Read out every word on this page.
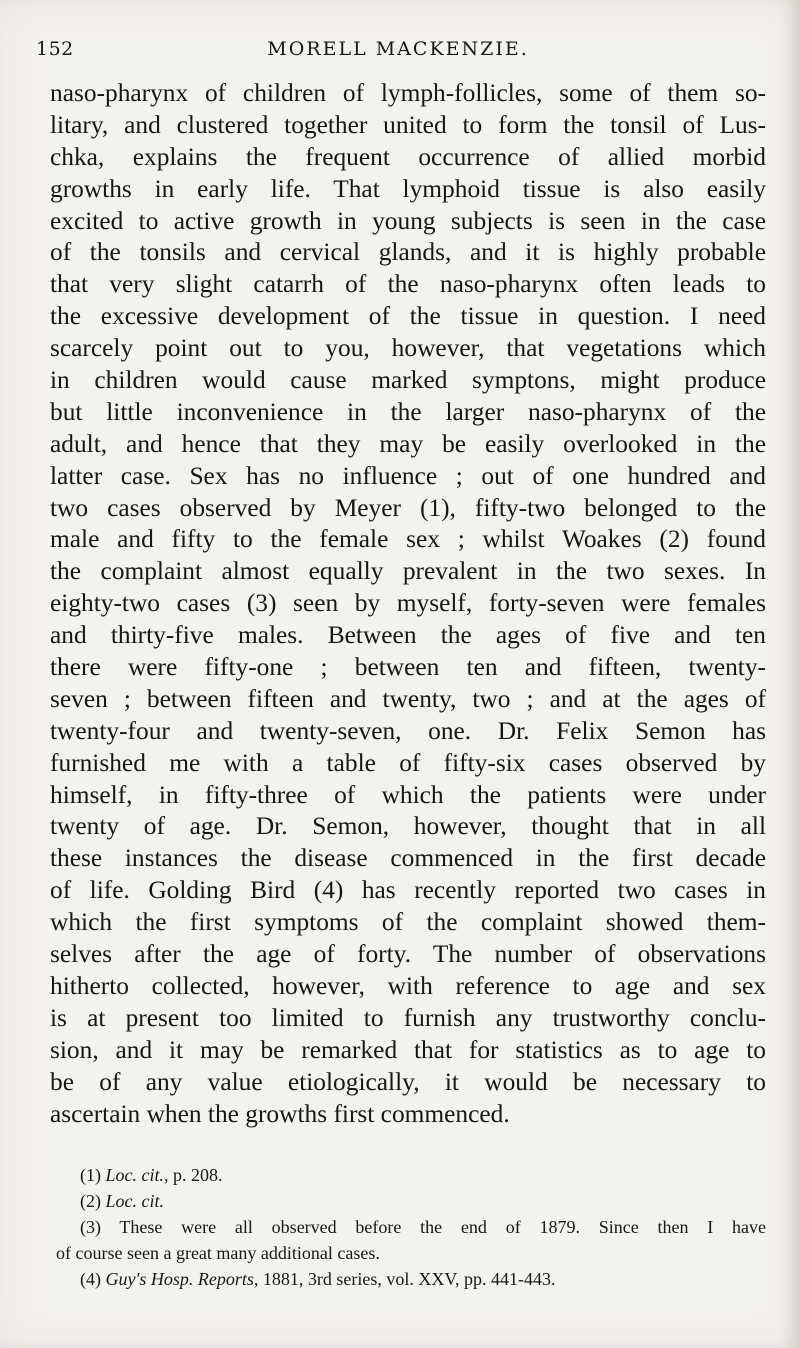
152	MORELL MACKENZIE.
naso-pharynx of children of lymph-follicles, some of them so-
litary, and clustered together united to form the tonsil of Lus-
chka, explains the frequent occurrence of allied morbid
growths in early life. That lymphoid tissue is also easily
excited to active growth in young subjects is seen in the case
of the tonsils and cervical glands, and it is highly probable
that very slight catarrh of the naso-pharynx often leads to
the excessive development of the tissue in question. I need
scarcely point out to you, however, that vegetations which
in children would cause marked symptons, might produce
but little inconvenience in the larger naso-pharynx of the
adult, and hence that they may be easily overlooked in the
latter case. Sex has no influence ; out of one hundred and
two cases observed by Meyer (1), fifty-two belonged to the
male and fifty to the female sex ; whilst Woakes (2) found
the complaint almost equally prevalent in the two sexes. In
eighty-two cases (3) seen by myself, forty-seven were females
and thirty-five males. Between the ages of five and ten
there were fifty-one ; between ten and fifteen, twenty-
seven ; between fifteen and twenty, two ; and at the ages of
twenty-four and twenty-seven, one. Dr. Felix Semon has
furnished me with a table of fifty-six cases observed by
himself, in fifty-three of which the patients were under
twenty of age. Dr. Semon, however, thought that in all
these instances the disease commenced in the first decade
of life. Golding Bird (4) has recently reported two cases in
which the first symptoms of the complaint showed them-
selves after the age of forty. The number of observations
hitherto collected, however, with reference to age and sex
is at present too limited to furnish any trustworthy conclu-
sion, and it may be remarked that for statistics as to age to
be of any value etiologically, it would be necessary to
ascertain when the growths first commenced.
(1) Loc. cit., p. 208.
(2) Loc. cit.
(3) These were all observed before the end of 1879. Since then I have
of course seen a great many additional cases.
(4) Guy's Hosp. Reports, 1881, 3rd series, vol. XXV, pp. 441-443.
